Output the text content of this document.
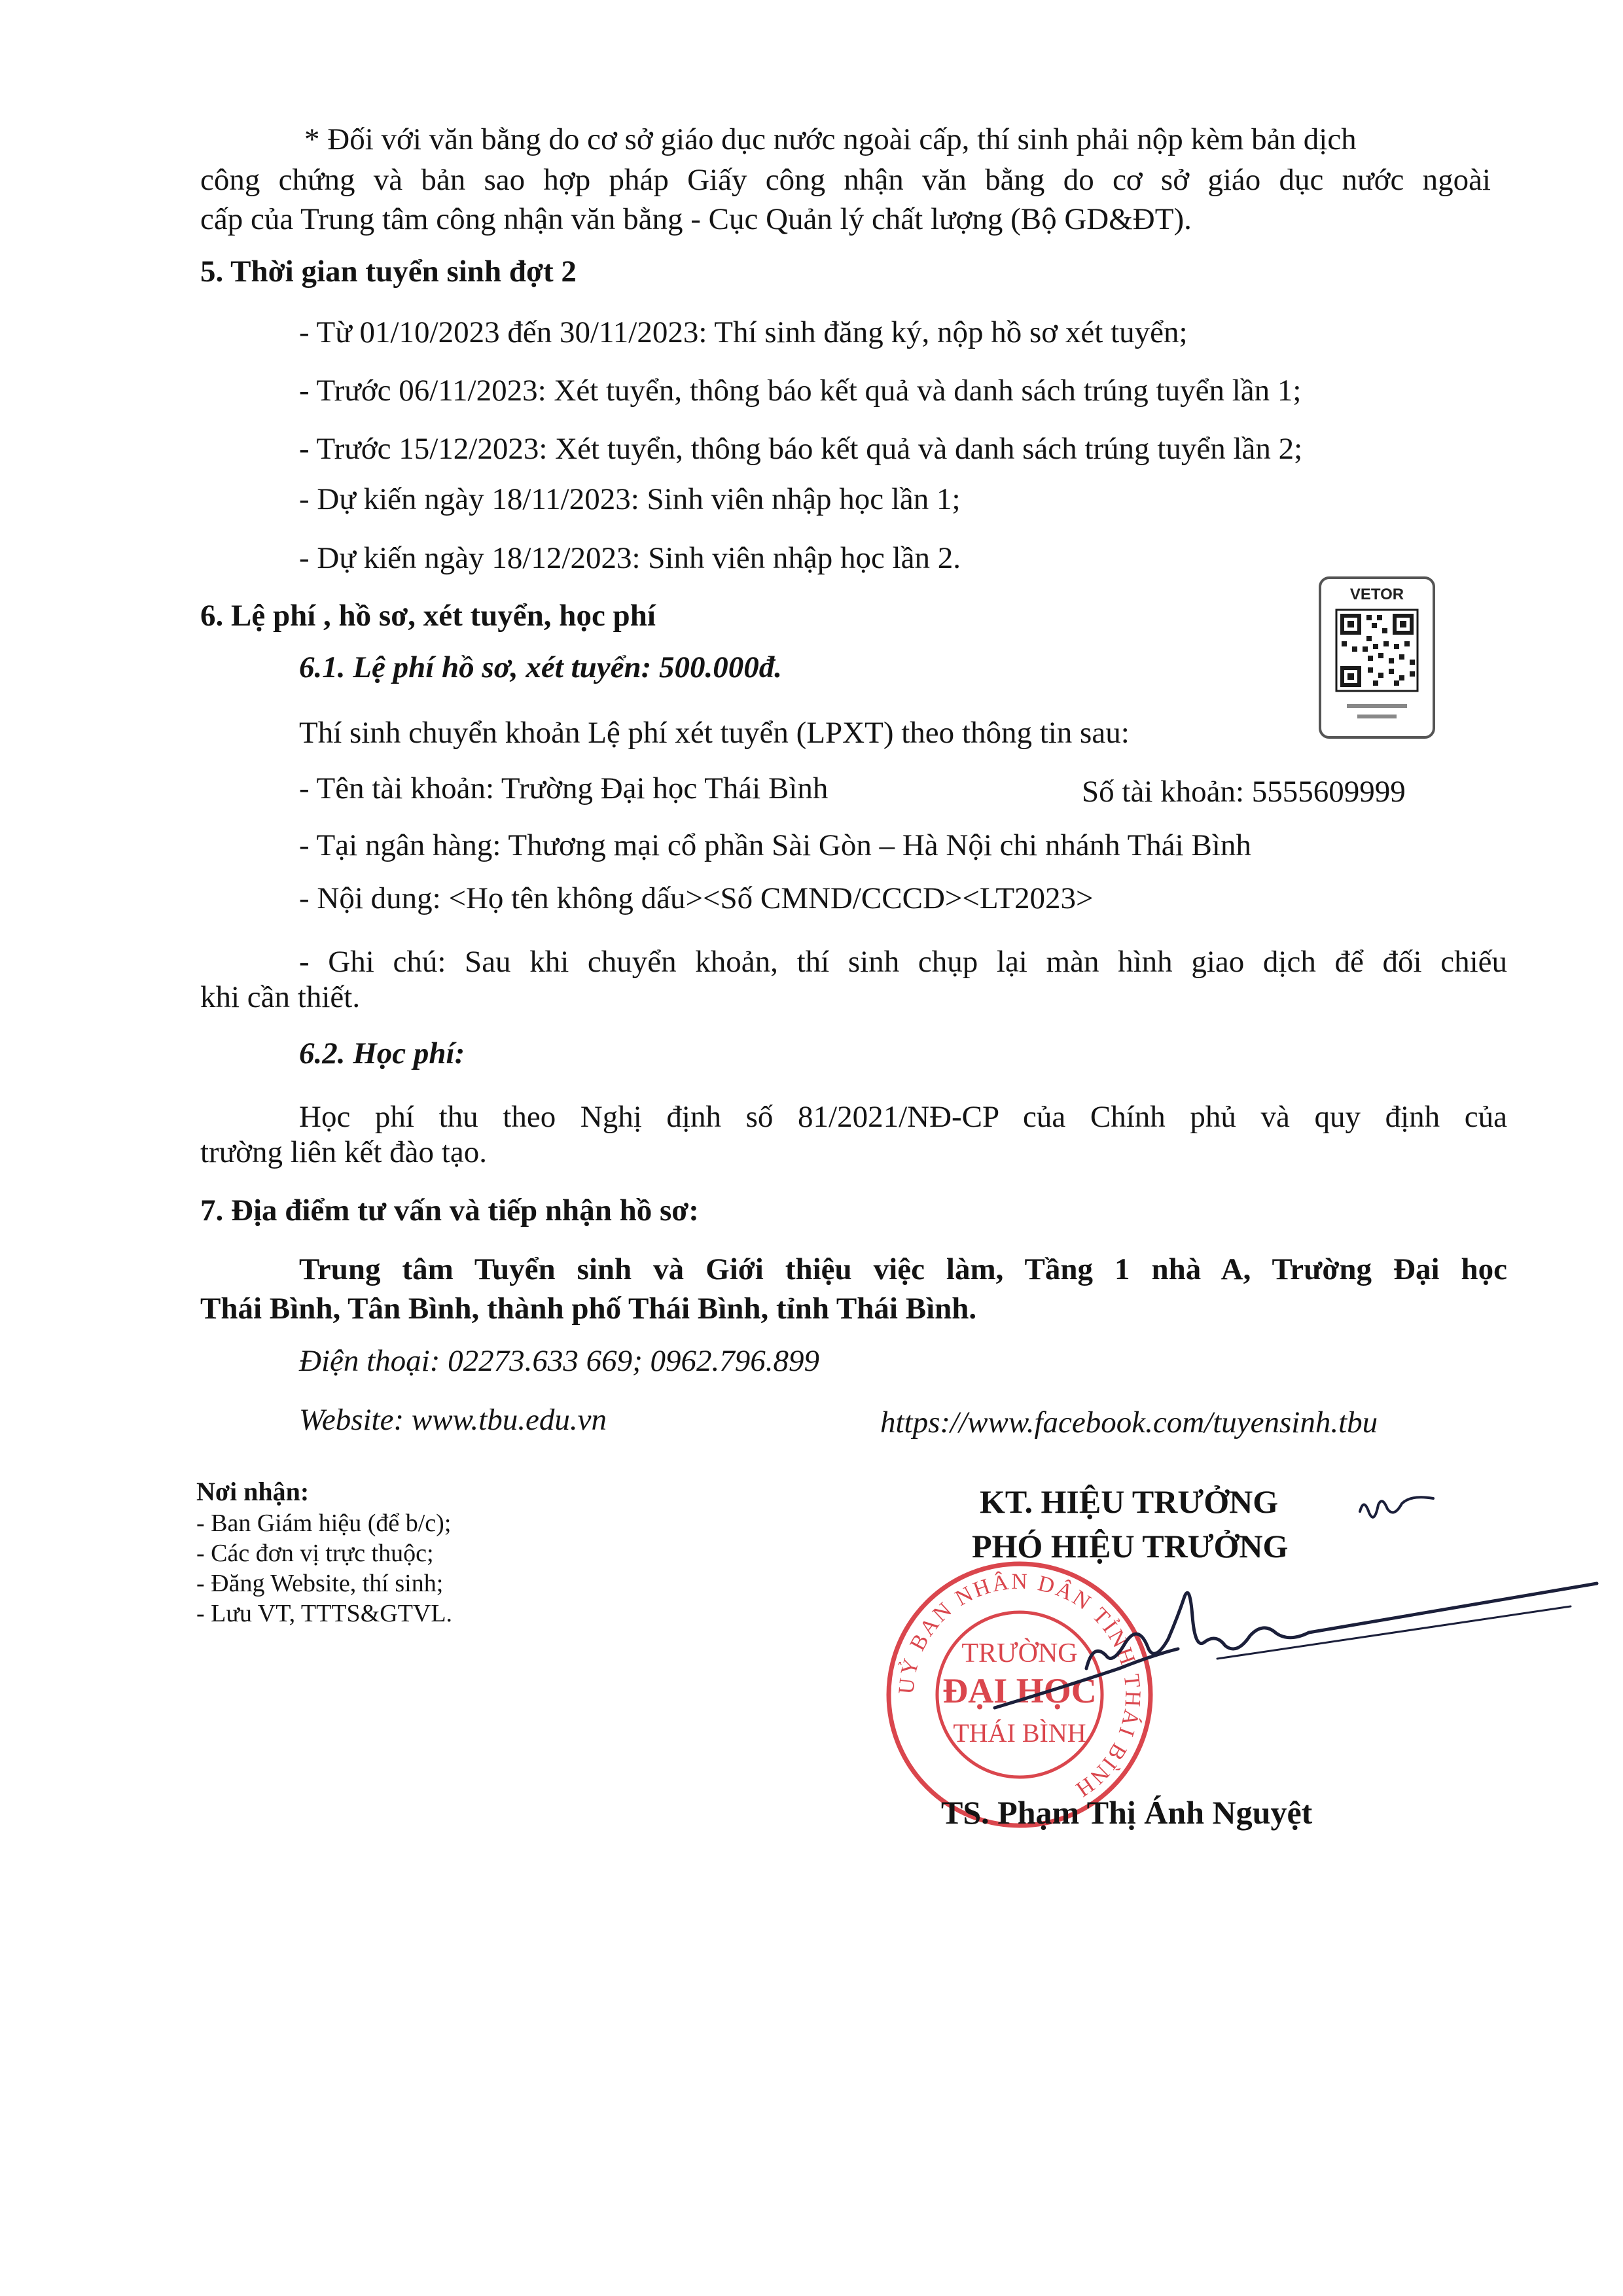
* Đối với văn bằng do cơ sở giáo dục nước ngoài cấp, thí sinh phải nộp kèm bản dịch
công chứng và bản sao hợp pháp Giấy công nhận văn bằng do cơ sở giáo dục nước ngoài
cấp của Trung tâm công nhận văn bằng - Cục Quản lý chất lượng (Bộ GD&ĐT).
5. Thời gian tuyển sinh đợt 2
- Từ 01/10/2023 đến 30/11/2023: Thí sinh đăng ký, nộp hồ sơ xét tuyển;
- Trước 06/11/2023: Xét tuyển, thông báo kết quả và danh sách trúng tuyển lần 1;
- Trước 15/12/2023: Xét tuyển, thông báo kết quả và danh sách trúng tuyển lần 2;
- Dự kiến ngày 18/11/2023: Sinh viên nhập học lần 1;
- Dự kiến ngày 18/12/2023: Sinh viên nhập học lần 2.
6. Lệ phí , hồ sơ, xét tuyển, học phí
6.1. Lệ phí hồ sơ, xét tuyển: 500.000đ.
Thí sinh chuyển khoản Lệ phí xét tuyển (LPXT) theo thông tin sau:
- Tên tài khoản: Trường Đại học Thái Bình	Số tài khoản: 5555609999
- Tại ngân hàng: Thương mại cổ phần Sài Gòn – Hà Nội chi nhánh Thái Bình
- Nội dung: <Họ tên không dấu><Số CMND/CCCD><LT2023>
- Ghi chú: Sau khi chuyển khoản, thí sinh chụp lại màn hình giao dịch để đối chiếu
khi cần thiết.
6.2. Học phí:
Học phí thu theo Nghị định số 81/2021/NĐ-CP của Chính phủ và quy định của
trường liên kết đào tạo.
7. Địa điểm tư vấn và tiếp nhận hồ sơ:
Trung tâm Tuyển sinh và Giới thiệu việc làm, Tầng 1 nhà A, Trường Đại học
Thái Bình, Tân Bình, thành phố Thái Bình, tỉnh Thái Bình.
Điện thoại: 02273.633 669; 0962.796.899
Website: www.tbu.edu.vn	https://www.facebook.com/tuyensinh.tbu
Nơi nhận:
- Ban Giám hiệu (để b/c);
- Các đơn vị trực thuộc;
- Đăng Website, thí sinh;
- Lưu VT, TTTS&GTVL.
KT. HIỆU TRƯỞNG
PHÓ HIỆU TRƯỞNG
UỶ BAN NHÂN DÂN TỈNH THÁI BÌNH
TRƯỜNG
ĐẠI HỌC
THÁI BÌNH
TS. Phạm Thị Ánh Nguyệt
VETOR
